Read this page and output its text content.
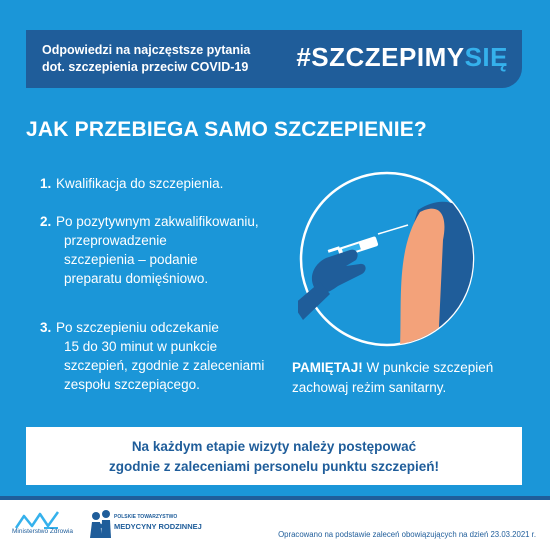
Odpowiedzi na najczęstsze pytania
dot. szczepienia przeciw COVID-19 #SZCZEPIMYSIĘ
JAK PRZEBIEGA SAMO SZCZEPIENIE?
1. Kwalifikacja do szczepienia.
2. Po pozytywnym zakwalifikowaniu,
przeprowadzenie
szczepienia – podanie
preparatu domięśniowo.
3. Po szczepieniu odczekanie
15 do 30 minut w punkcie
szczepień, zgodnie z zaleceniami
zespołu szczepiącego.
PAMIĘTAJ! W punkcie szczepień
zachowaj reżim sanitarny.
Na każdym etapie wizyty należy postępować
zgodnie z zaleceniami personelu punktu szczepień!
Ministerstwo Zdrowia
POLSKIE TOWARZYSTWO
MEDYCYNY RODZINNEJ
Opracowano na podstawie zaleceń obowiązujących na dzień 23.03.2021 r.
